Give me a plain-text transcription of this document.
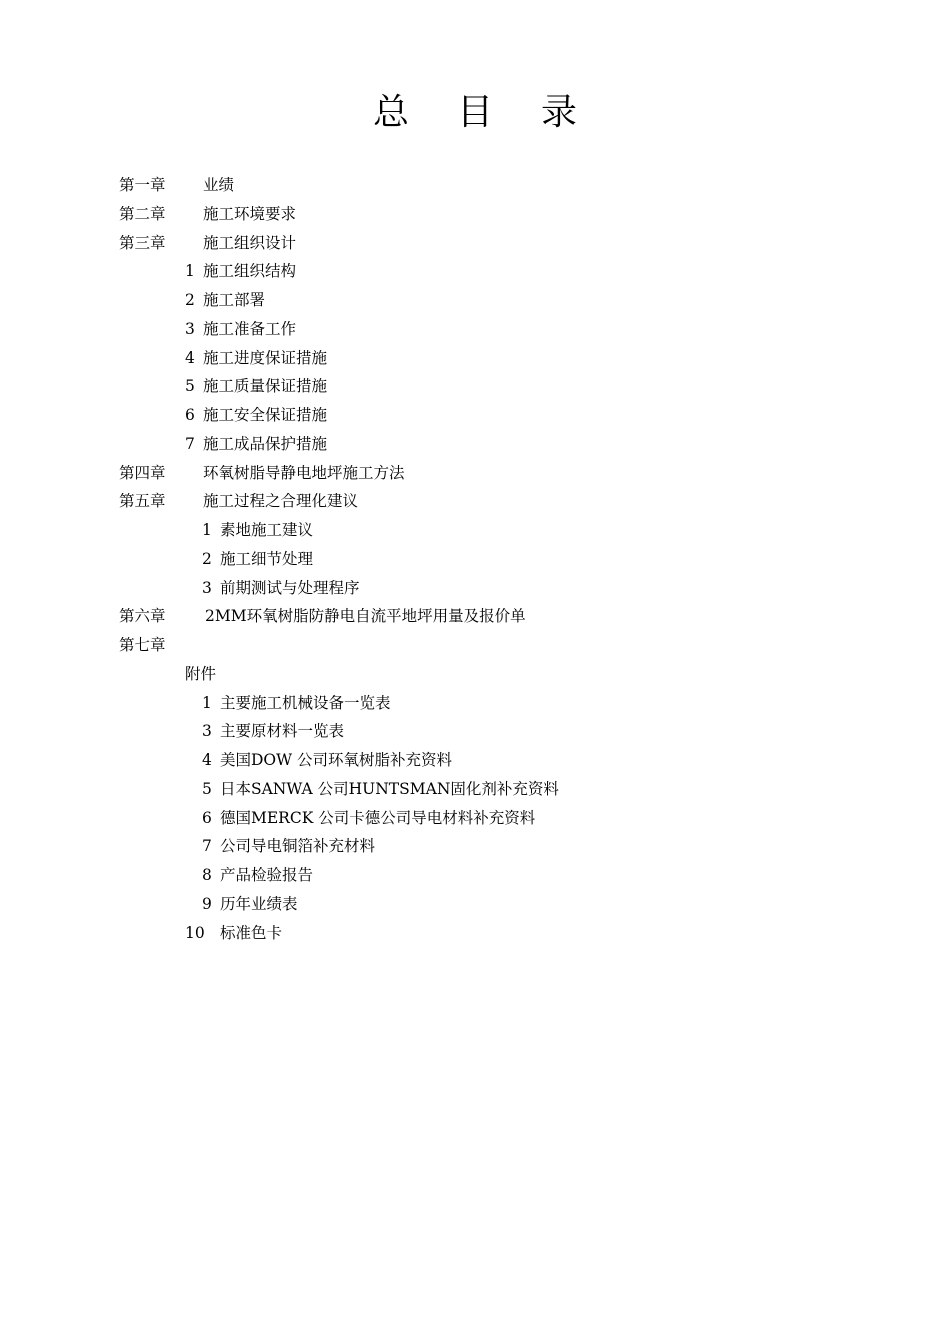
总目录
第一章 业绩
第二章 施工环境要求
第三章 施工组织设计
1 施工组织结构
2 施工部署
3 施工准备工作
4 施工进度保证措施
5 施工质量保证措施
6 施工安全保证措施
7 施工成品保护措施
第四章 环氧树脂导静电地坪施工方法
第五章 施工过程之合理化建议
1 素地施工建议
2 施工细节处理
3 前期测试与处理程序
第六章	2MM环氧树脂防静电自流平地坪用量及报价单
第七章
附件
1 主要施工机械设备一览表
3 主要原材料一览表
4 美国DOW 公司环氧树脂补充资料
5 日本SANWA 公司HUNTSMAN固化剂补充资料
6 德国MERCK 公司卡德公司导电材料补充资料
7 公司导电铜箔补充材料
8 产品检验报告
9 历年业绩表
10 标准色卡
